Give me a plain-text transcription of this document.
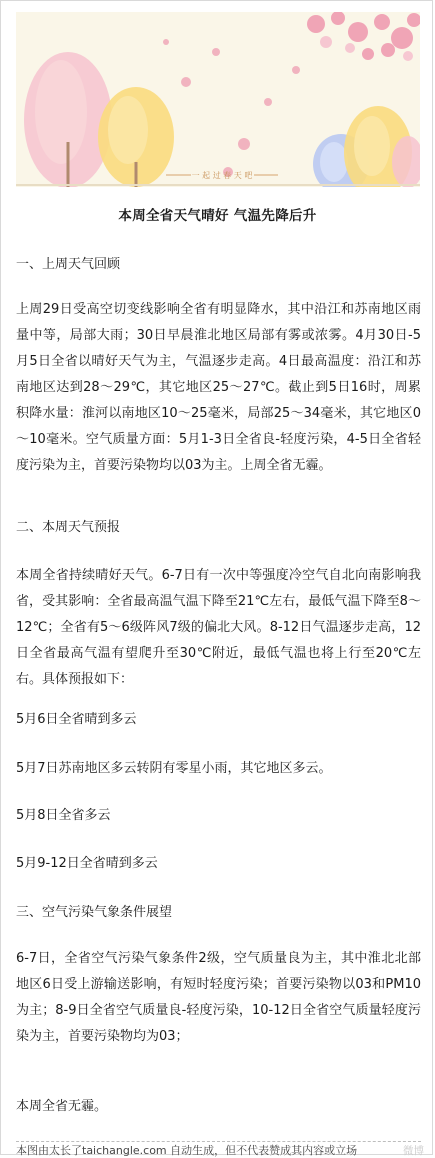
一 起 过 春 天 吧
本周全省天气晴好 气温先降后升
一、上周天气回顾
上周29日受高空切变线影响全省有明显降水，其中沿江和苏南地区雨量中等，局部大雨；30日早晨淮北地区局部有雾或浓雾。4月30日-5月5日全省以晴好天气为主，气温逐步走高。4日最高温度：沿江和苏南地区达到28～29℃，其它地区25～27℃。截止到5日16时，周累积降水量：淮河以南地区10～25毫米，局部25～34毫米，其它地区0～10毫米。空气质量方面：5月1-3日全省良-轻度污染，4-5日全省轻度污染为主，首要污染物均以03为主。上周全省无霾。
二、本周天气预报
本周全省持续晴好天气。6-7日有一次中等强度冷空气自北向南影响我省，受其影响：全省最高温气温下降至21℃左右，最低气温下降至8～12℃；全省有5～6级阵风7级的偏北大风。8-12日气温逐步走高，12日全省最高气温有望爬升至30℃附近，最低气温也将上行至20℃左右。具体预报如下：
5月6日全省晴到多云
5月7日苏南地区多云转阴有零星小雨，其它地区多云。
5月8日全省多云
5月9-12日全省晴到多云
三、空气污染气象条件展望
6-7日，全省空气污染气象条件2级，空气质量良为主，其中淮北北部地区6日受上游输送影响，有短时轻度污染；首要污染物以03和PM10为主；8-9日全省空气质量良-轻度污染，10-12日全省空气质量轻度污染为主，首要污染物均为03；
本周全省无霾。
本图由太长了taichangle.com 自动生成，但不代表赞成其内容或立场	微博
